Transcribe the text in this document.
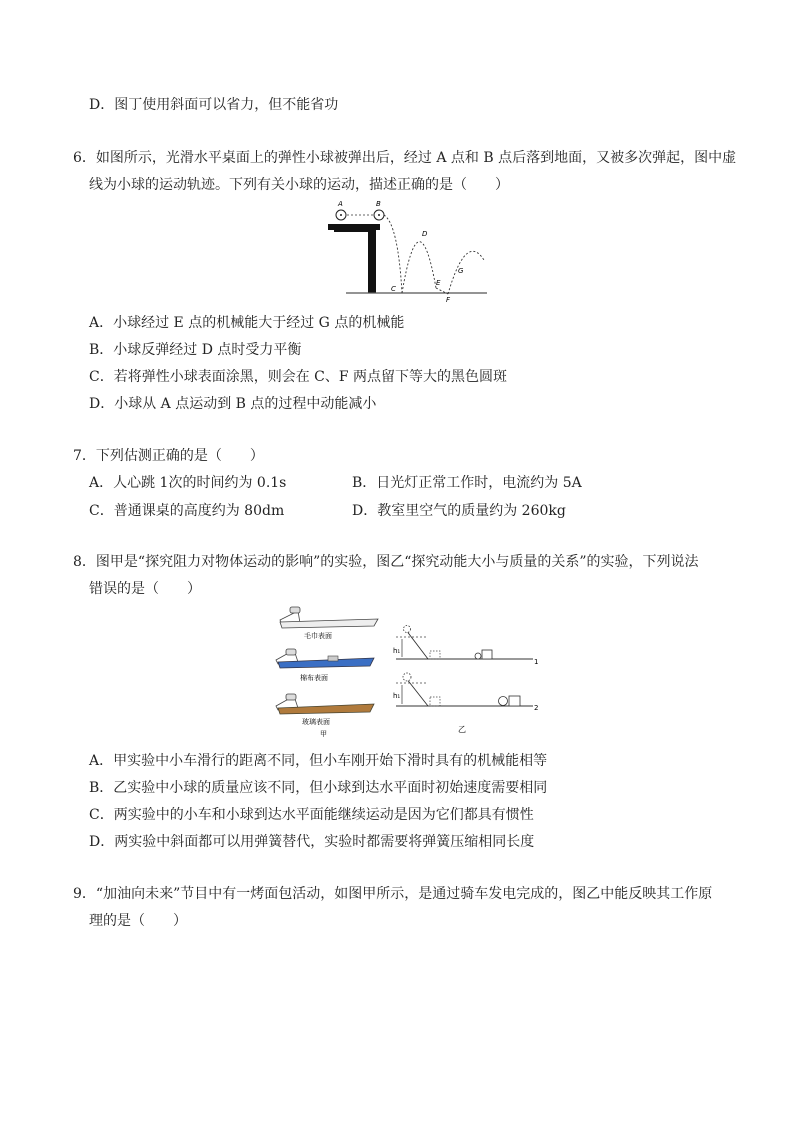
D．图丁使用斜面可以省力，但不能省功
6．如图所示，光滑水平桌面上的弹性小球被弹出后，经过 A 点和 B 点后落到地面，又被多次弹起，图中虚
线为小球的运动轨迹。下列有关小球的运动，描述正确的是（　　）
A	B
C
D
E
F
G
A．小球经过 E 点的机械能大于经过 G 点的机械能
B．小球反弹经过 D 点时受力平衡
C．若将弹性小球表面涂黑，则会在 C、F 两点留下等大的黑色圆斑
D．小球从 A 点运动到 B 点的过程中动能减小
7．下列估测正确的是（　　）
A．人心跳 1次的时间约为 0.1s	B．日光灯正常工作时，电流约为 5A
C．普通课桌的高度约为 80dm	D．教室里空气的质量约为 260kg
8．图甲是“探究阻力对物体运动的影响”的实验，图乙“探究动能大小与质量的关系”的实验，下列说法
错误的是（　　）
毛巾表面
棉布表面
玻璃表面
甲
h₁
1
h₁
2
乙
A．甲实验中小车滑行的距离不同，但小车刚开始下滑时具有的机械能相等
B．乙实验中小球的质量应该不同，但小球到达水平面时初始速度需要相同
C．两实验中的小车和小球到达水平面能继续运动是因为它们都具有惯性
D．两实验中斜面都可以用弹簧替代，实验时都需要将弹簧压缩相同长度
9．“加油向未来”节目中有一烤面包活动，如图甲所示，是通过骑车发电完成的，图乙中能反映其工作原
理的是（　　）
